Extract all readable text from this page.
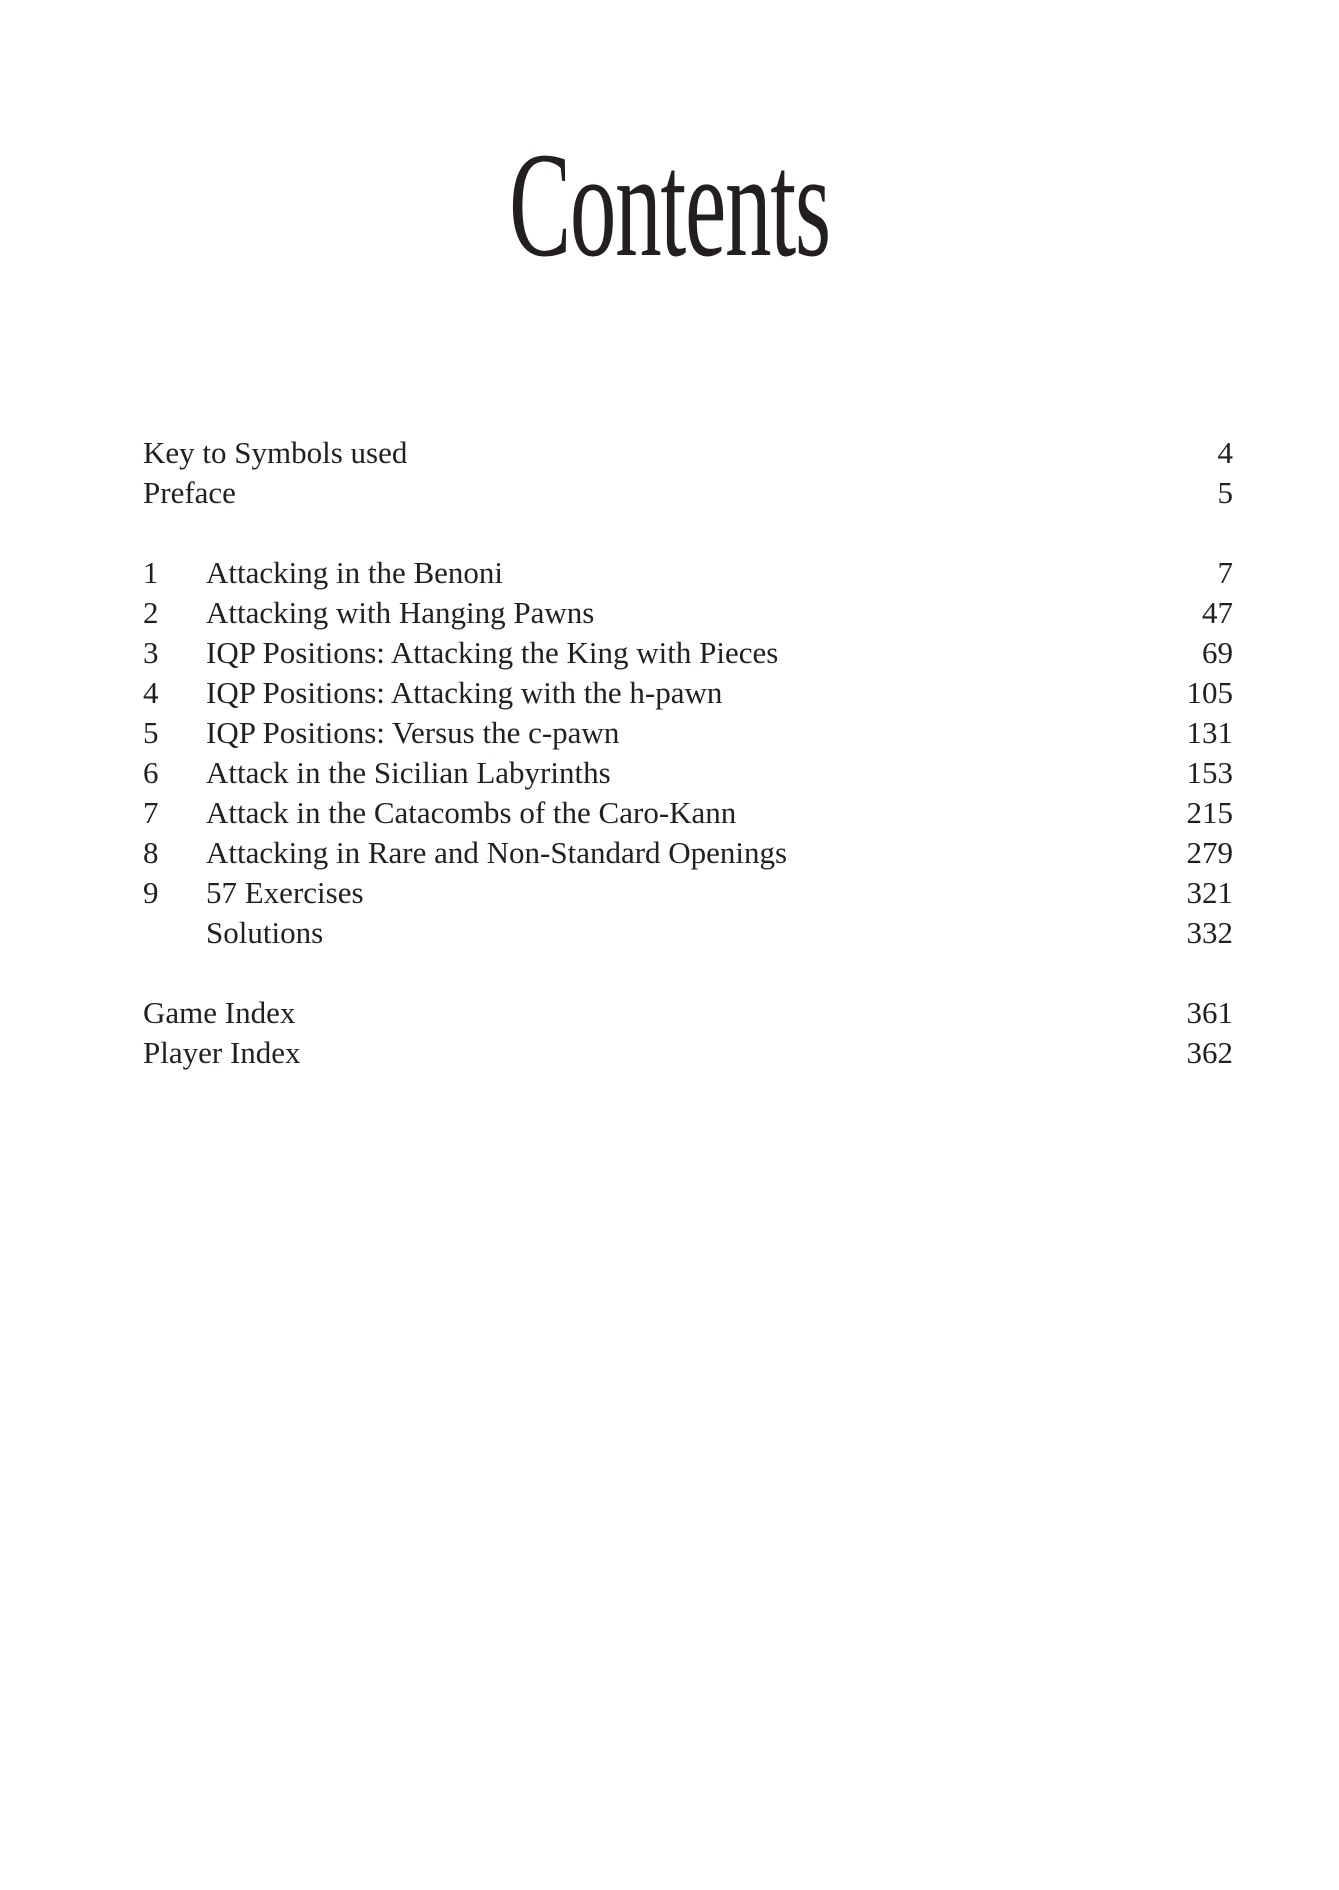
Contents
Key to Symbols used	4
Preface	5
1	Attacking in the Benoni	7
2	Attacking with Hanging Pawns	47
3	IQP Positions: Attacking the King with Pieces	69
4	IQP Positions: Attacking with the h-pawn	105
5	IQP Positions: Versus the c-pawn	131
6	Attack in the Sicilian Labyrinths	153
7	Attack in the Catacombs of the Caro-Kann	215
8	Attacking in Rare and Non-Standard Openings	279
9	57 Exercises	321
Solutions	332
Game Index	361
Player Index	362
